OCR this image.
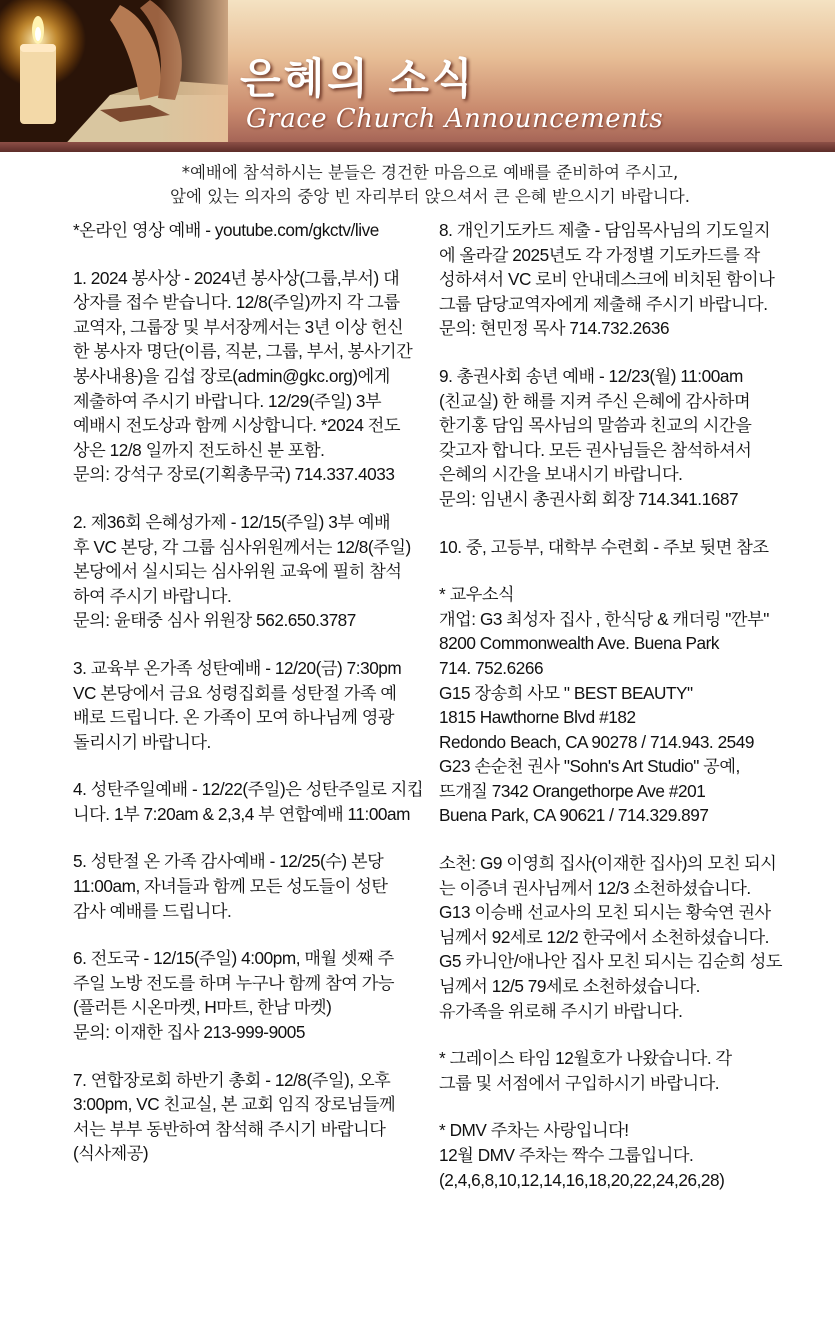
은혜의 소식
Grace Church Announcements
*예배에 참석하시는 분들은 경건한 마음으로 예배를 준비하여 주시고,
앞에 있는 의자의 중앙 빈 자리부터 앉으셔서 큰 은혜 받으시기 바랍니다.
*온라인 영상 예배 - youtube.com/gkctv/live
1. 2024 봉사상 - 2024년 봉사상(그룹,부서) 대
상자를 접수 받습니다. 12/8(주일)까지 각 그룹
교역자, 그룹장 및 부서장께서는 3년 이상 헌신
한 봉사자 명단(이름, 직분, 그룹, 부서, 봉사기간
봉사내용)을 김섭 장로(admin@gkc.org)에게
제출하여 주시기 바랍니다. 12/29(주일) 3부
예배시 전도상과 함께 시상합니다. *2024 전도
상은 12/8 일까지 전도하신 분 포함.
문의: 강석구 장로(기획총무국) 714.337.4033
2. 제36회 은혜성가제 - 12/15(주일) 3부 예배
후 VC 본당, 각 그룹 심사위원께서는 12/8(주일)
본당에서 실시되는 심사위원 교육에 필히 참석
하여 주시기 바랍니다.
문의: 윤태중 심사 위원장 562.650.3787
3. 교육부 온가족 성탄예배 - 12/20(금) 7:30pm
VC 본당에서 금요 성령집회를 성탄절 가족 예
배로 드립니다. 온 가족이 모여 하나님께 영광
돌리시기 바랍니다.
4. 성탄주일예배 - 12/22(주일)은 성탄주일로 지킵
니다. 1부 7:20am & 2,3,4 부 연합예배 11:00am
5. 성탄절 온 가족 감사예배 - 12/25(수) 본당
11:00am, 자녀들과 함께 모든 성도들이 성탄
감사 예배를 드립니다.
6. 전도국 - 12/15(주일) 4:00pm, 매월 셋째 주
주일 노방 전도를 하며 누구나 함께 참여 가능
(플러튼 시온마켓, H마트, 한남 마켓)
문의: 이재한 집사 213-999-9005
7. 연합장로회 하반기 총회 - 12/8(주일), 오후
3:00pm, VC 친교실, 본 교회 임직 장로님들께
서는 부부 동반하여 참석해 주시기 바랍니다
(식사제공)
8. 개인기도카드 제출 - 담임목사님의 기도일지
에 올라갈 2025년도 각 가정별 기도카드를 작
성하셔서 VC 로비 안내데스크에 비치된 함이나
그룹 담당교역자에게 제출해 주시기 바랍니다.
문의: 현민정 목사 714.732.2636
9. 총권사회 송년 예배 - 12/23(월) 11:00am
(친교실) 한 해를 지켜 주신 은혜에 감사하며
한기홍 담임 목사님의 말씀과 친교의 시간을
갖고자 합니다. 모든 권사님들은 참석하셔서
은혜의 시간을 보내시기 바랍니다.
문의: 임낸시 총권사회 회장 714.341.1687
10. 중, 고등부, 대학부 수련회 - 주보 뒷면 참조
* 교우소식
개업: G3 최성자 집사 , 한식당 & 캐더링 "깐부"
8200 Commonwealth Ave. Buena Park
714. 752.6266
G15 장송희 사모 " BEST BEAUTY"
1815 Hawthorne Blvd #182
Redondo Beach, CA 90278 / 714.943. 2549
G23 손순천 권사 "Sohn's Art Studio" 공예,
뜨개질 7342 Orangethorpe Ave #201
Buena Park, CA 90621 / 714.329.897
소천: G9 이영희 집사(이재한 집사)의 모친 되시
는 이증녀 권사님께서 12/3 소천하셨습니다.
G13 이승배 선교사의 모친 되시는 황숙연 권사
님께서 92세로 12/2 한국에서 소천하셨습니다.
G5 카니안/애나안 집사 모친 되시는 김순희 성도
님께서 12/5 79세로 소천하셨습니다.
유가족을 위로해 주시기 바랍니다.
* 그레이스 타임 12월호가 나왔습니다. 각
그룹 및 서점에서 구입하시기 바랍니다.
* DMV 주차는 사랑입니다!
12월 DMV 주차는 짝수 그룹입니다.
(2,4,6,8,10,12,14,16,18,20,22,24,26,28)
